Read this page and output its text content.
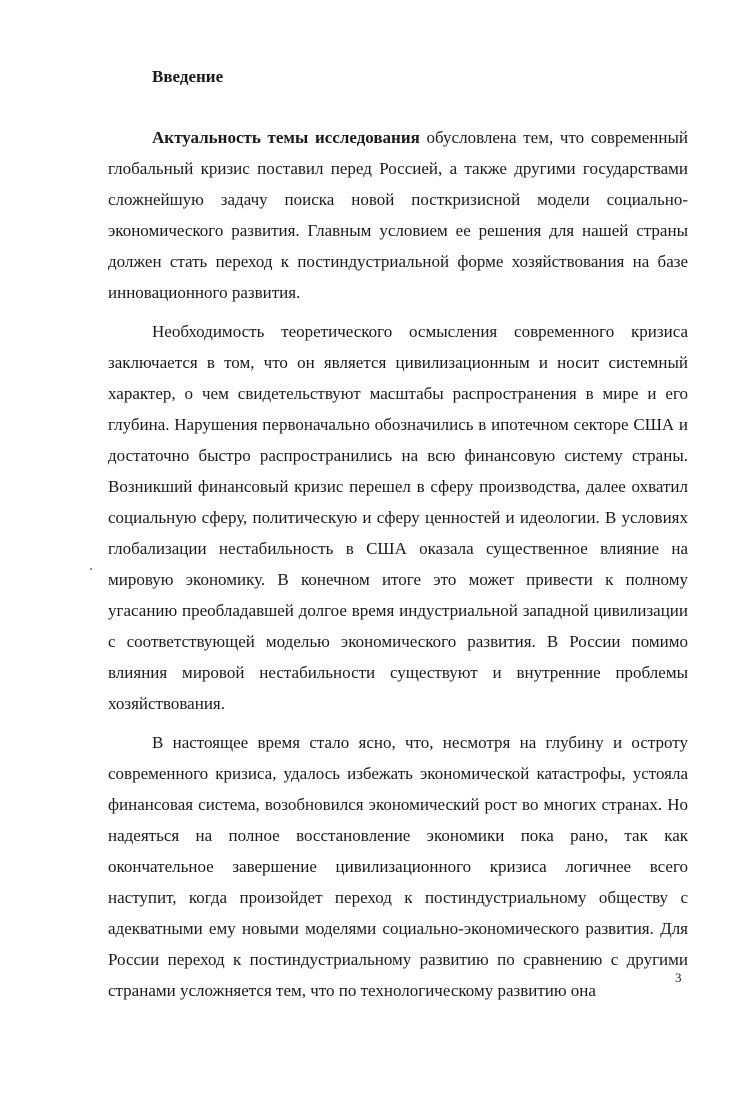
Введение

Актуальность темы исследования обусловлена тем, что современный глобальный кризис поставил перед Россией, а также другими государствами сложнейшую задачу поиска новой посткризисной модели социально-экономического развития. Главным условием ее решения для нашей страны должен стать переход к постиндустриальной форме хозяйствования на базе инновационного развития.

Необходимость теоретического осмысления современного кризиса заключается в том, что он является цивилизационным и носит системный характер, о чем свидетельствуют масштабы распространения в мире и его глубина. Нарушения первоначально обозначились в ипотечном секторе США и достаточно быстро распространились на всю финансовую систему страны. Возникший финансовый кризис перешел в сферу производства, далее охватил социальную сферу, политическую и сферу ценностей и идеологии. В условиях глобализации нестабильность в США оказала существенное влияние на мировую экономику. В конечном итоге это может привести к полному угасанию преобладавшей долгое время индустриальной западной цивилизации с соответствующей моделью экономического развития. В России помимо влияния мировой нестабильности существуют и внутренние проблемы хозяйствования.

В настоящее время стало ясно, что, несмотря на глубину и остроту современного кризиса, удалось избежать экономической катастрофы, устояла финансовая система, возобновился экономический рост во многих странах. Но надеяться на полное восстановление экономики пока рано, так как окончательное завершение цивилизационного кризиса логичнее всего наступит, когда произойдет переход к постиндустриальному обществу с адекватными ему новыми моделями социально-экономического развития. Для России переход к постиндустриальному развитию по сравнению с другими странами усложняется тем, что по технологическому развитию она

3
